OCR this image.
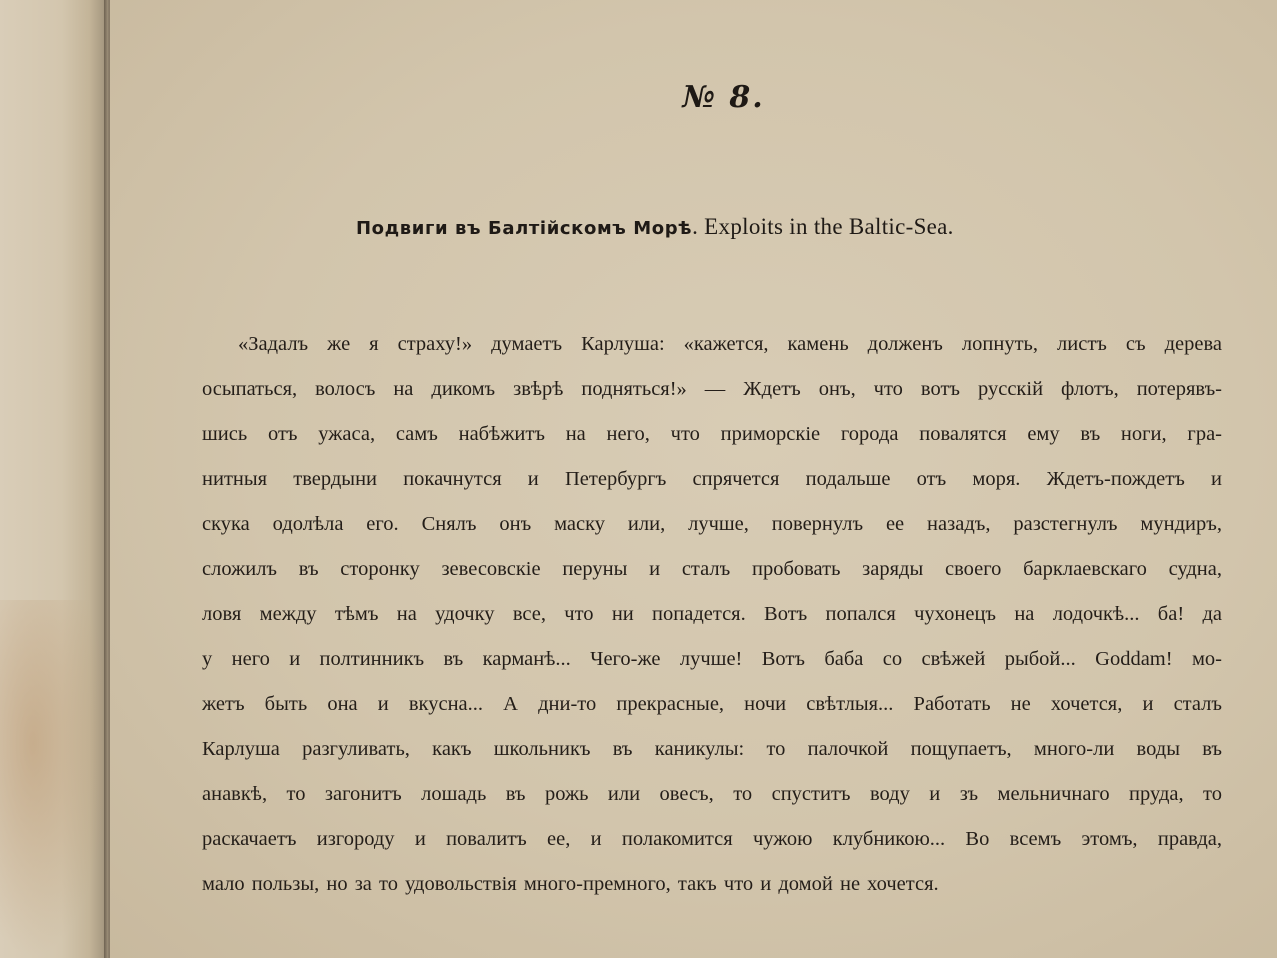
№ 8.
Подвиги въ Балтiйскомъ Морѣ. Exploits in the Baltic-Sea.
«Задалъ же я страху!» думаетъ Карлуша: «кажется, камень долженъ лопнуть, листъ съ дерева
осыпаться, волосъ на дикомъ звѣрѣ подняться!» — Ждетъ онъ, что вотъ русскiй флотъ, потерявъ-
шись отъ ужаса, самъ набѣжитъ на него, что приморскiе города повалятся ему въ ноги, гра-
нитныя твердыни покачнутся и Петербургъ спрячется подальше отъ моря. Ждетъ-пождетъ и
скука одолѣла его. Снялъ онъ маску или, лучше, повернулъ ее назадъ, разстегнулъ мундиръ,
сложилъ въ сторонку зевесовскiе перуны и сталъ пробовать заряды своего барклаевскаго судна,
ловя между тѣмъ на удочку все, что ни попадется. Вотъ попался чухонецъ на лодочкѣ... ба! да
у него и полтинникъ въ карманѣ... Чего-же лучше! Вотъ баба со свѣжей рыбой... Goddam! мо-
жетъ быть она и вкусна... А дни-то прекрасные, ночи свѣтлыя... Работать не хочется, и сталъ
Карлуша разгуливать, какъ школьникъ въ каникулы: то палочкой пощупаетъ, много-ли воды въ
анавкѣ, то загонитъ лошадь въ рожь или овесъ, то спуститъ воду и зъ мельничнаго пруда, то
раскачаетъ изгороду и повалитъ ее, и полакомится чужою клубникою... Во всемъ этомъ, правда,
мало пользы, но за то удовольствiя много-премного, такъ что и домой не хочется.
